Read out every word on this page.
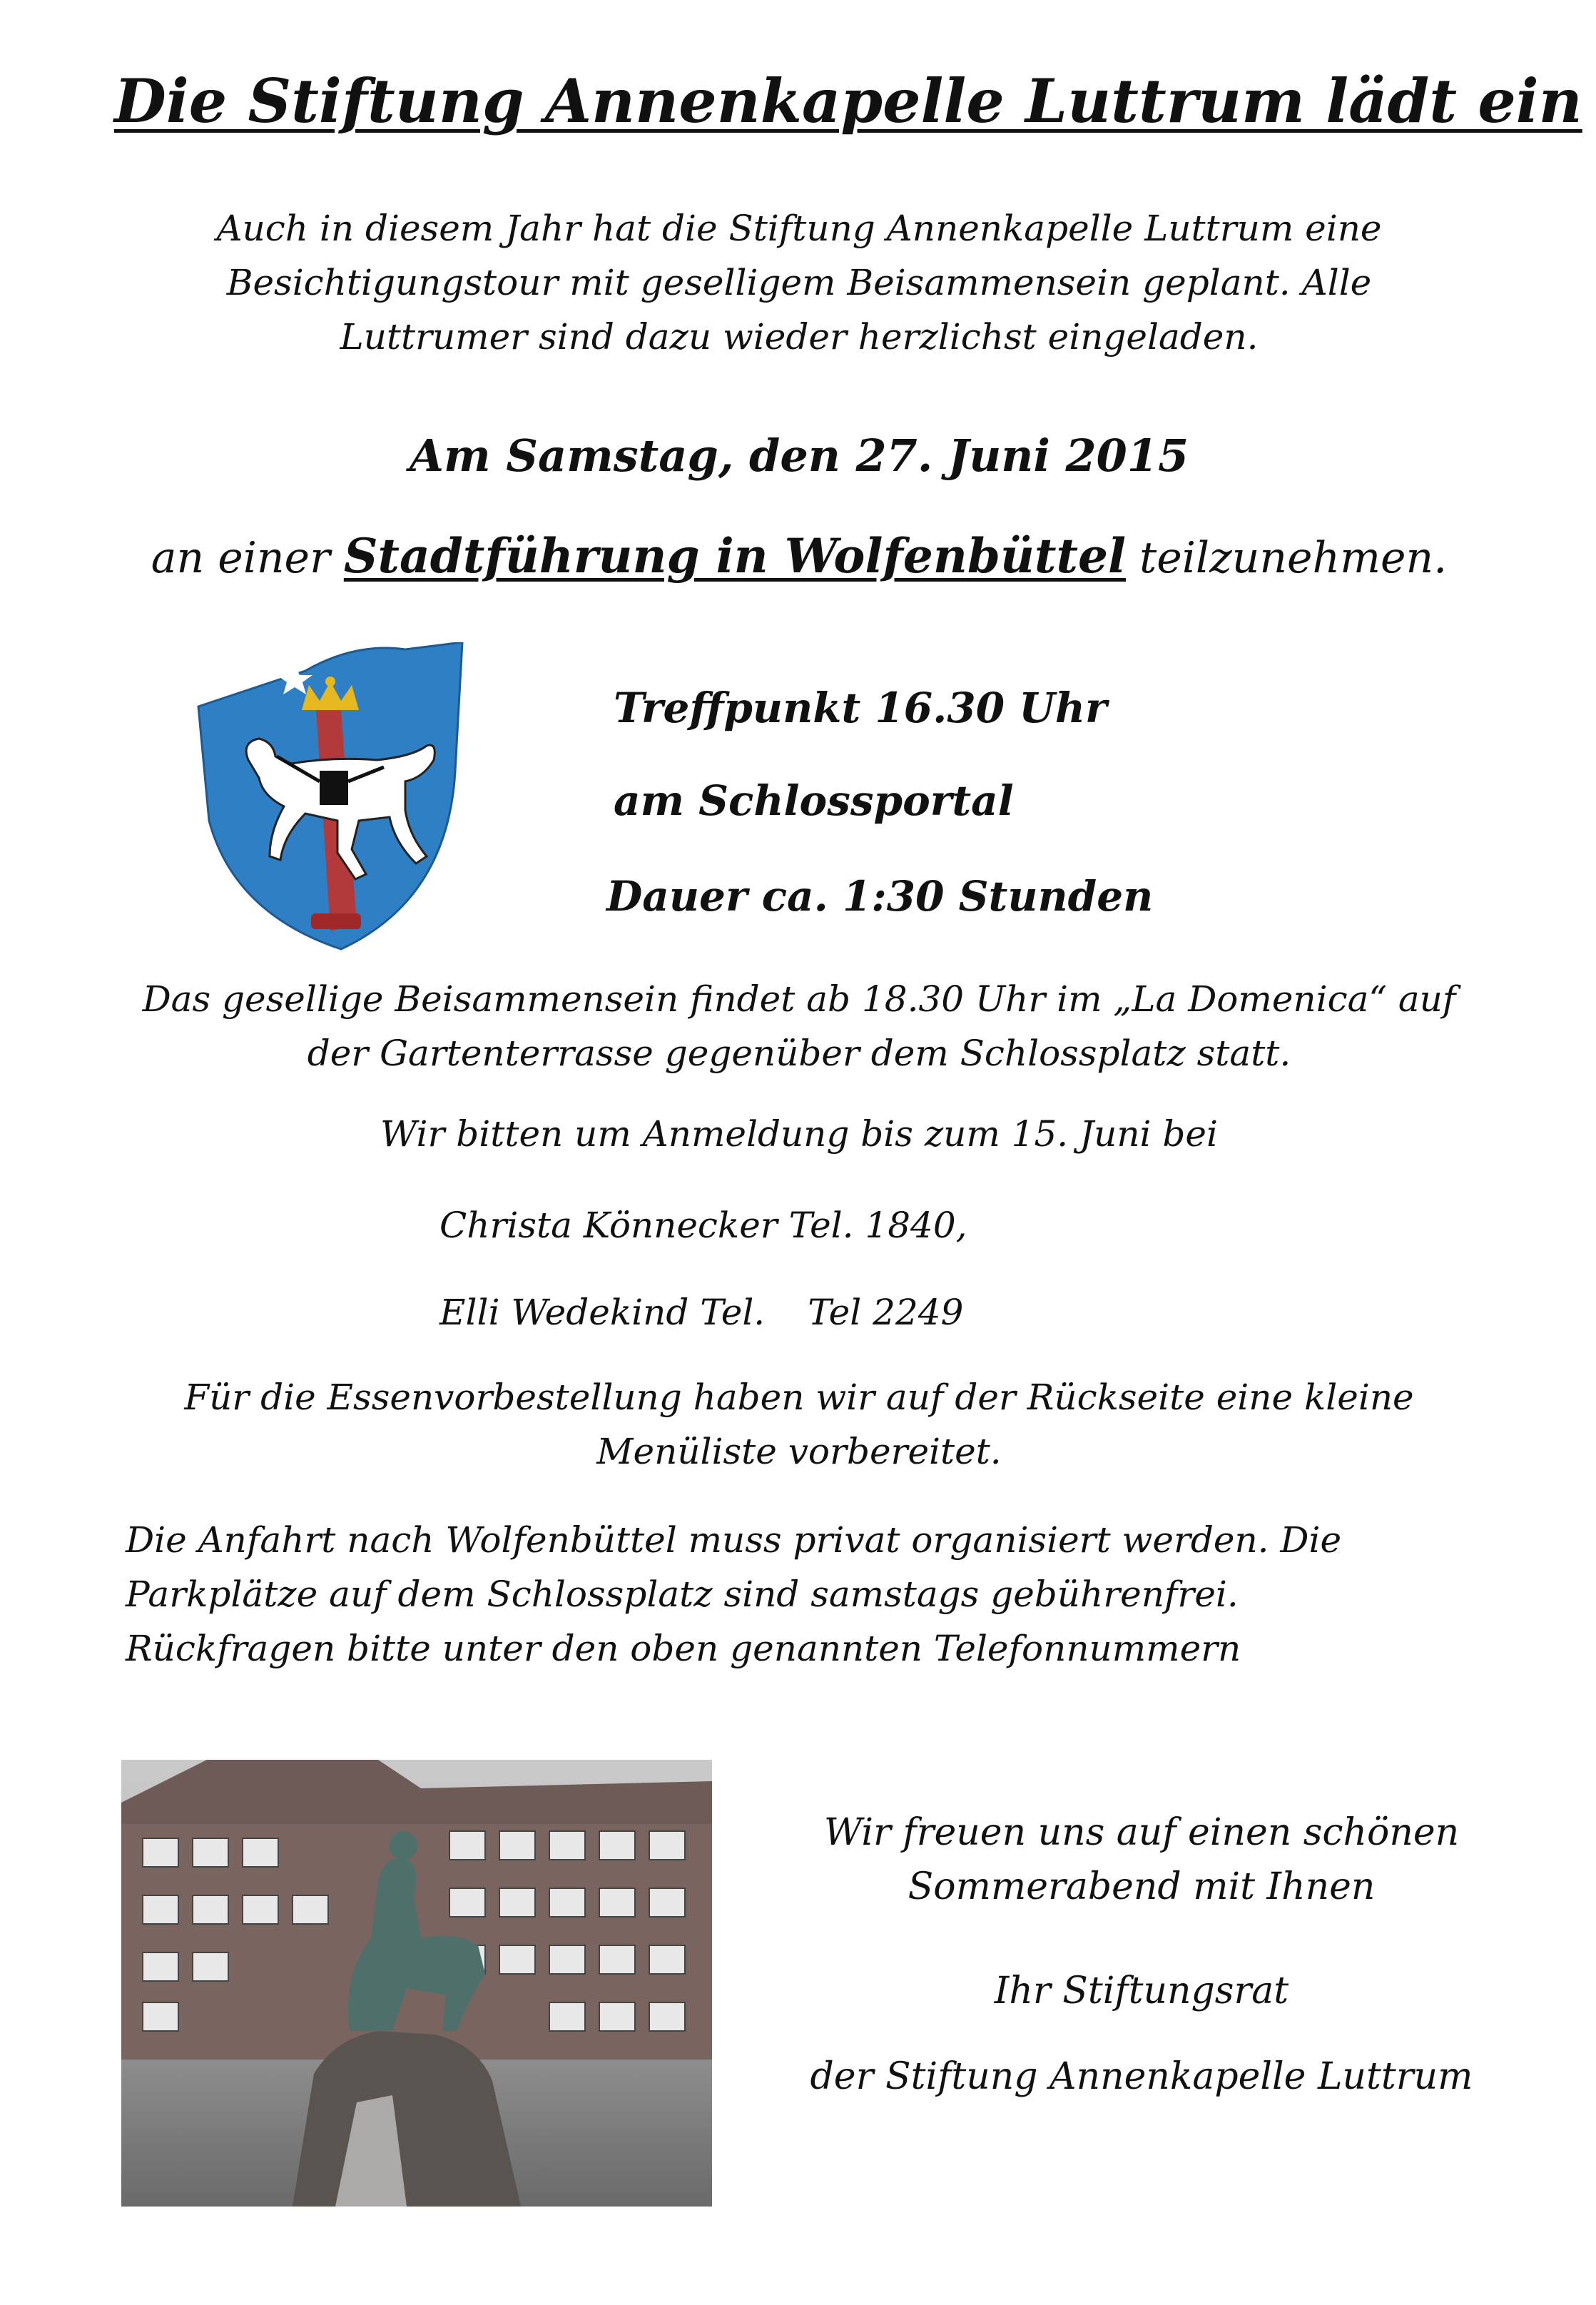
Die Stiftung Annenkapelle Luttrum lädt ein
Auch in diesem Jahr hat die Stiftung Annenkapelle Luttrum eine Besichtigungstour mit geselligem Beisammensein geplant. Alle Luttrumer sind dazu wieder herzlichst eingeladen.
Am Samstag, den 27. Juni 2015
an einer Stadtführung in Wolfenbüttel teilzunehmen.
Treffpunkt 16.30 Uhr
am Schlossportal
Dauer ca. 1:30 Stunden
Das gesellige Beisammensein findet ab 18.30 Uhr im „La Domenica“ auf der Gartenterrasse gegenüber dem Schlossplatz statt.
Wir bitten um Anmeldung bis zum 15. Juni bei
Christa Könnecker Tel. 1840,
Elli Wedekind Tel. Tel 2249
Für die Essenvorbestellung haben wir auf der Rückseite eine kleine Menüliste vorbereitet.

Die Anfahrt nach Wolfenbüttel muss privat organisiert werden. Die

Parkplätze auf dem Schlossplatz sind samstags gebührenfrei.

Rückfragen bitte unter den oben genannten Telefonnummern

Wir freuen uns auf einen schönen

Sommerabend mit Ihnen

Ihr Stiftungsrat

der Stiftung Annenkapelle Luttrum
